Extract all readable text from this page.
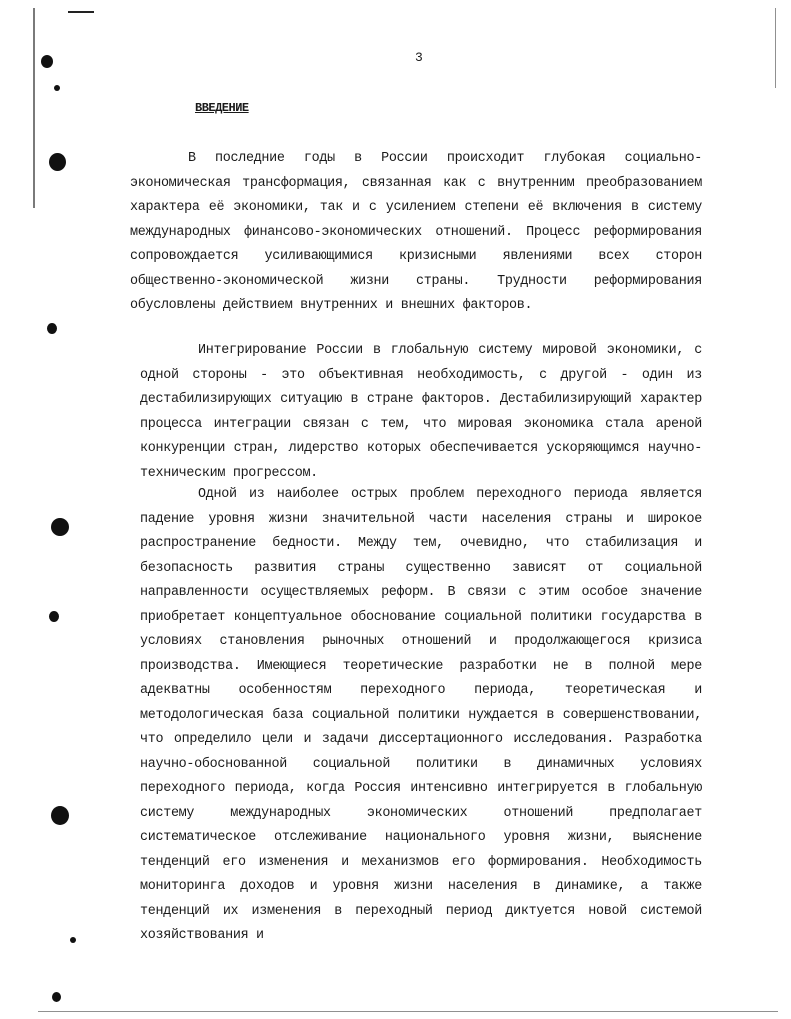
3
ВВЕДЕНИЕ

В последние годы в России происходит глубокая социально-экономическая трансформация, связанная как с внутренним преобразованием характера её экономики, так и с усилением степени её включения в систему международных финансово-экономических отношений. Процесс реформирования сопровождается усиливающимися кризисными явлениями всех сторон общественно-экономической жизни страны. Трудности реформирования обусловлены действием внутренних и внешних факторов.

Интегрирование России в глобальную систему мировой экономики, с одной стороны - это объективная необходимость, с другой - один из дестабилизирующих ситуацию в стране факторов. Дестабилизирующий характер процесса интеграции связан с тем, что мировая экономика стала ареной конкуренции стран, лидерство которых обеспечивается ускоряющимся научно-техническим прогрессом.

Одной из наиболее острых проблем переходного периода является падение уровня жизни значительной части населения страны и широкое распространение бедности. Между тем, очевидно, что стабилизация и безопасность развития страны существенно зависят от социальной направленности осуществляемых реформ. В связи с этим особое значение приобретает концептуальное обоснование социальной политики государства в условиях становления рыночных отношений и продолжающегося кризиса производства. Имеющиеся теоретические разработки не в полной мере адекватны особенностям переходного периода, теоретическая и методологическая база социальной политики нуждается в совершенствовании, что определило цели и задачи диссертационного исследования. Разработка научно-обоснованной социальной политики в динамичных условиях переходного периода, когда Россия интенсивно интегрируется в глобальную систему международных экономических отношений предполагает систематическое отслеживание национального уровня жизни, выяснение тенденций его изменения и механизмов его формирования. Необходимость мониторинга доходов и уровня жизни населения в динамике, а также тенденций их изменения в переходный период диктуется новой системой хозяйствования и
